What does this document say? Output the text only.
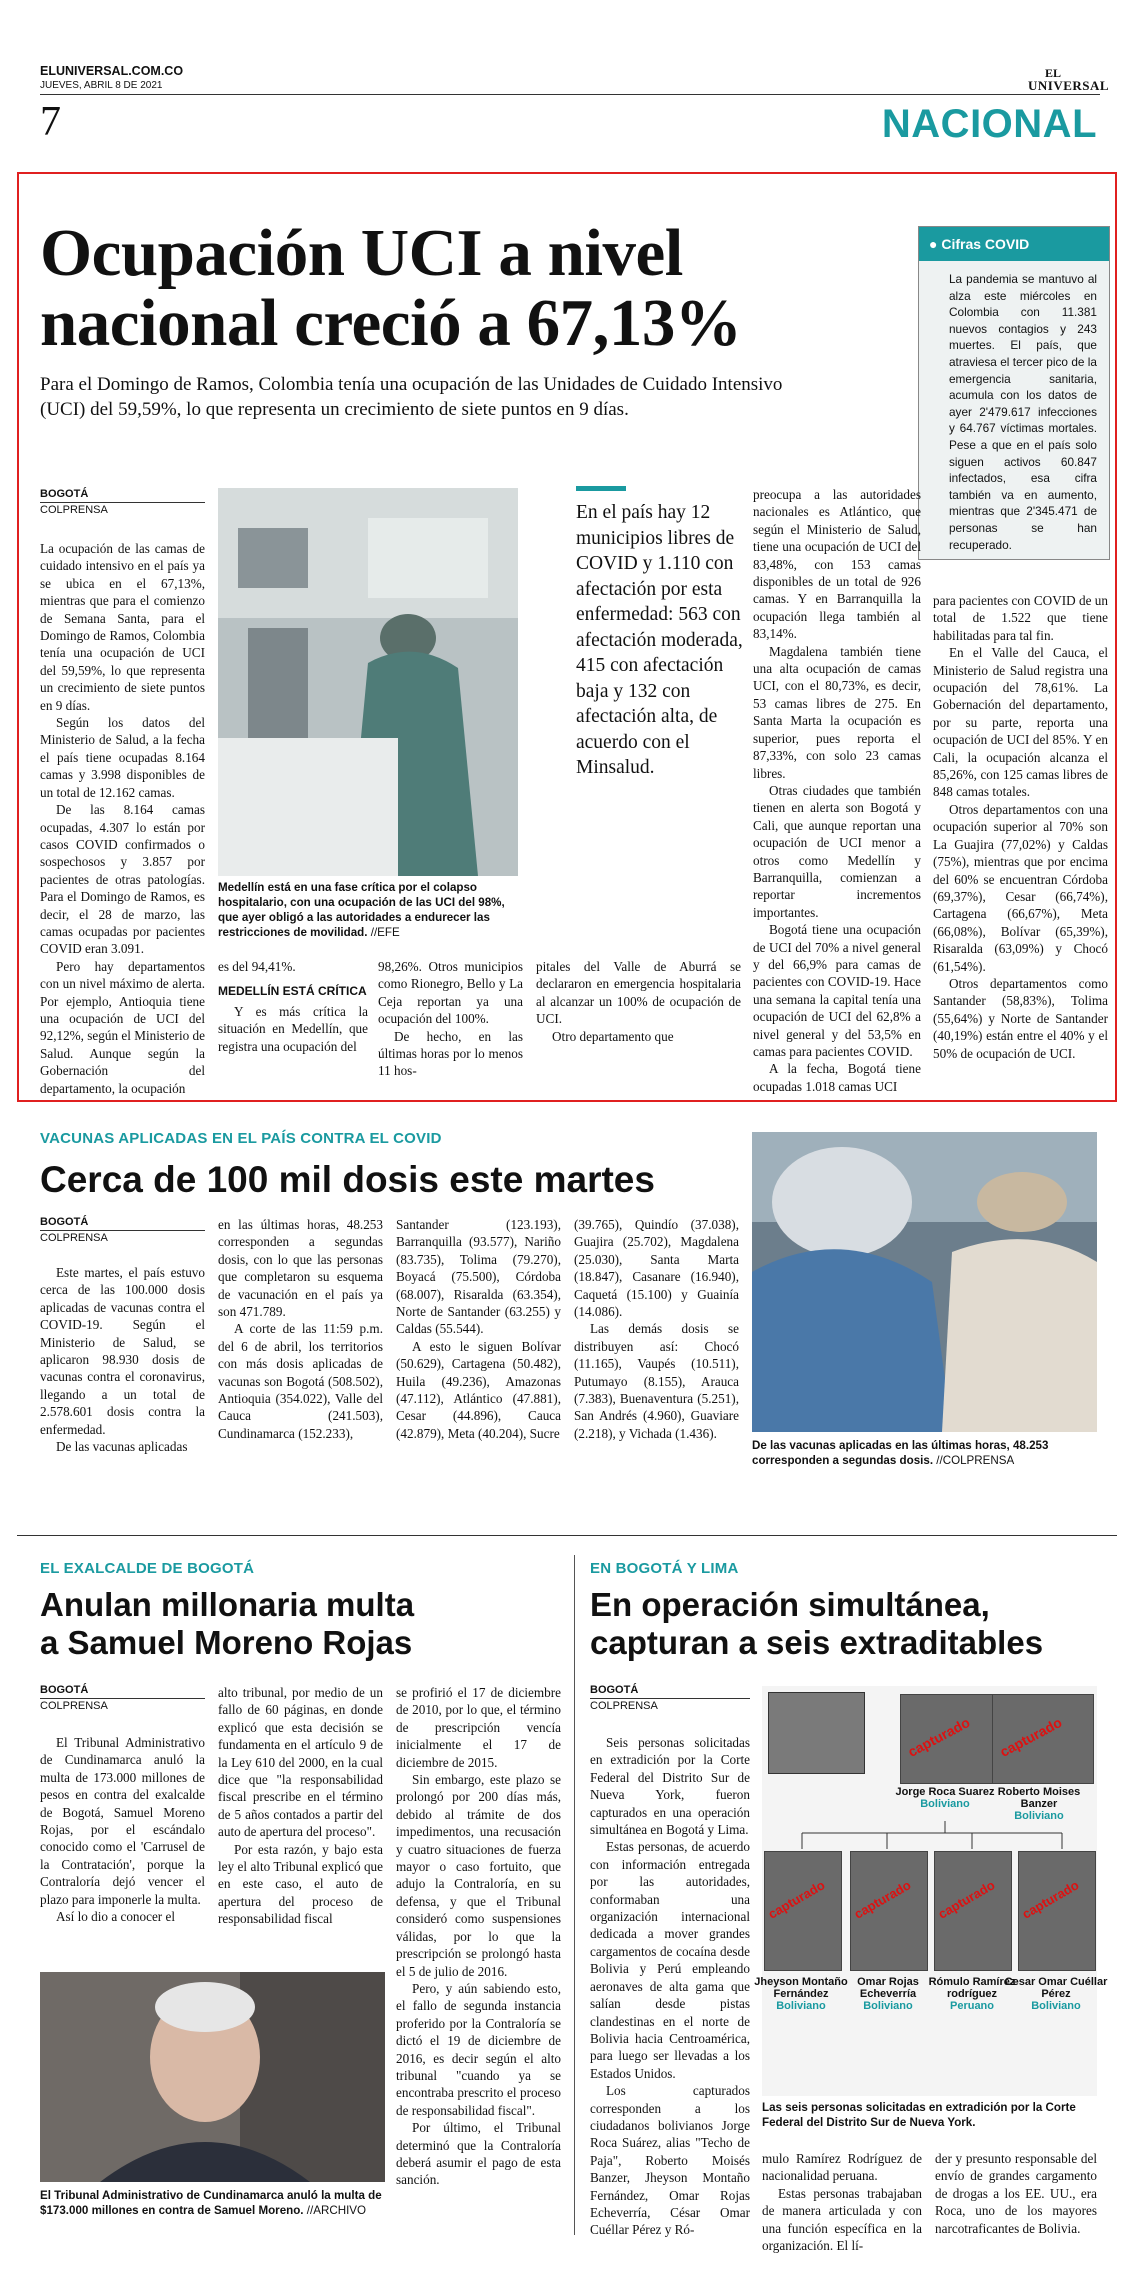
ELUNIVERSAL.COM.CO
JUEVES, ABRIL 8 DE 2021
EL
UNIVERSAL
7	NACIONAL
Ocupación UCI a nivel
nacional creció a 67,13%
Para el Domingo de Ramos, Colombia tenía una ocupación de las Unidades de Cuidado Intensivo (UCI) del 59,59%, lo que representa un crecimiento de siete puntos en 9 días.
● Cifras COVID
La pandemia se mantuvo al alza este miércoles en Colombia con 11.381 nuevos contagios y 243 muertes. El país, que atraviesa el tercer pico de la emergencia sanitaria, acumula con los datos de ayer 2'479.617 infecciones y 64.767 víctimas mortales. Pese a que en el país solo siguen activos 60.847 infectados, esa cifra también va en aumento, mientras que 2'345.471 de personas se han recuperado.
BOGOTÁ
COLPRENSA

La ocupación de las camas de cuidado intensivo en el país ya se ubica en el 67,13%, mientras que para el comienzo de Semana Santa, para el Domingo de Ramos, Colombia tenía una ocupación de UCI del 59,59%, lo que representa un crecimiento de siete puntos en 9 días.

Según los datos del Ministerio de Salud, a la fecha el país tiene ocupadas 8.164 camas y 3.998 disponibles de un total de 12.162 camas.

De las 8.164 camas ocupadas, 4.307 lo están por casos COVID confirmados o sospechosos y 3.857 por pacientes de otras patologías. Para el Domingo de Ramos, es decir, el 28 de marzo, las camas ocupadas por pacientes COVID eran 3.091.

Pero hay departamentos con un nivel máximo de alerta. Por ejemplo, Antioquia tiene una ocupación de UCI del 92,12%, según el Ministerio de Salud. Aunque según la Gobernación del departamento, la ocupación

Medellín está en una fase crítica por el colapso hospitalario, con una ocupación de las UCI del 98%, que ayer obligó a las autoridades a endurecer las restricciones de movilidad. //EFE

es del 94,41%.

MEDELLÍN ESTÁ CRÍTICA

Y es más crítica la situación en Medellín, que registra una ocupación del

98,26%. Otros municipios como Rionegro, Bello y La Ceja reportan ya una ocupación del 100%.

De hecho, en las últimas horas por lo menos 11 hos-

pitales del Valle de Aburrá se declararon en emergencia hospitalaria al alcanzar un 100% de ocupación de UCI.

Otro departamento que

En el país hay 12 municipios libres de COVID y 1.110 con afectación por esta enfermedad: 563 con afectación moderada, 415 con afectación baja y 132 con afectación alta, de acuerdo con el Minsalud.

preocupa a las autoridades nacionales es Atlántico, que según el Ministerio de Salud, tiene una ocupación de UCI del 83,48%, con 153 camas disponibles de un total de 926 camas. Y en Barranquilla la ocupación llega también al 83,14%.

Magdalena también tiene una alta ocupación de camas UCI, con el 80,73%, es decir, 53 camas libres de 275. En Santa Marta la ocupación es superior, pues reporta el 87,33%, con solo 23 camas libres.

Otras ciudades que también tienen en alerta son Bogotá y Cali, que aunque reportan una ocupación de UCI menor a otros como Medellín y Barranquilla, comienzan a reportar incrementos importantes.

Bogotá tiene una ocupación de UCI del 70% a nivel general y del 66,9% para camas de pacientes con COVID-19. Hace una semana la capital tenía una ocupación de UCI del 62,8% a nivel general y del 53,5% en camas para pacientes COVID.

A la fecha, Bogotá tiene ocupadas 1.018 camas UCI

para pacientes con COVID de un total de 1.522 que tiene habilitadas para tal fin.

En el Valle del Cauca, el Ministerio de Salud registra una ocupación del 78,61%. La Gobernación del departamento, por su parte, reporta una ocupación de UCI del 85%. Y en Cali, la ocupación alcanza el 85,26%, con 125 camas libres de 848 camas totales.

Otros departamentos con una ocupación superior al 70% son La Guajira (77,02%) y Caldas (75%), mientras que por encima del 60% se encuentran Córdoba (69,37%), Cesar (66,74%), Cartagena (66,67%), Meta (66,08%), Bolívar (65,39%), Risaralda (63,09%) y Chocó (61,54%).

Otros departamentos como Santander (58,83%), Tolima (55,64%) y Norte de Santander (40,19%) están entre el 40% y el 50% de ocupación de UCI.

VACUNAS APLICADAS EN EL PAÍS CONTRA EL COVID
Cerca de 100 mil dosis este martes
BOGOTÁ
COLPRENSA

Este martes, el país estuvo cerca de las 100.000 dosis aplicadas de vacunas contra el COVID-19. Según el Ministerio de Salud, se aplicaron 98.930 dosis de vacunas contra el coronavirus, llegando a un total de 2.578.601 dosis contra la enfermedad.

De las vacunas aplicadas

en las últimas horas, 48.253 corresponden a segundas dosis, con lo que las personas que completaron su esquema de vacunación en el país ya son 471.789.

A corte de las 11:59 p.m. del 6 de abril, los territorios con más dosis aplicadas de vacunas son Bogotá (508.502), Antioquia (354.022), Valle del Cauca (241.503), Cundinamarca (152.233),

Santander (123.193), Barranquilla (93.577), Nariño (83.735), Tolima (79.270), Boyacá (75.500), Córdoba (68.007), Risaralda (63.354), Norte de Santander (63.255) y Caldas (55.544).

A esto le siguen Bolívar (50.629), Cartagena (50.482), Huila (49.236), Amazonas (47.112), Atlántico (47.881), Cesar (44.896), Cauca (42.879), Meta (40.204), Sucre

(39.765), Quindío (37.038), Guajira (25.702), Magdalena (25.030), Santa Marta (18.847), Casanare (16.940), Caquetá (15.100) y Guainía (14.086).

Las demás dosis se distribuyen así: Chocó (11.165), Vaupés (10.511), Putumayo (8.155), Arauca (7.383), Buenaventura (5.251), San Andrés (4.960), Guaviare (2.218), y Vichada (1.436).

De las vacunas aplicadas en las últimas horas, 48.253 corresponden a segundas dosis. //COLPRENSA
EL EXALCALDE DE BOGOTÁ
Anulan millonaria multa
a Samuel Moreno Rojas
BOGOTÁ
COLPRENSA

El Tribunal Administrativo de Cundinamarca anuló la multa de 173.000 millones de pesos en contra del exalcalde de Bogotá, Samuel Moreno Rojas, por el escándalo conocido como el 'Carrusel de la Contratación', porque la Contraloría dejó vencer el plazo para imponerle la multa.

Así lo dio a conocer el

alto tribunal, por medio de un fallo de 60 páginas, en donde explicó que esta decisión se fundamenta en el artículo 9 de la Ley 610 del 2000, en la cual dice que "la responsabilidad fiscal prescribe en el término de 5 años contados a partir del auto de apertura del proceso".

Por esta razón, y bajo esta ley el alto Tribunal explicó que en este caso, el auto de apertura del proceso de responsabilidad fiscal

se profirió el 17 de diciembre de 2010, por lo que, el término de prescripción vencía inicialmente el 17 de diciembre de 2015.

Sin embargo, este plazo se prolongó por 200 días más, debido al trámite de dos impedimentos, una recusación y cuatro situaciones de fuerza mayor o caso fortuito, que adujo la Contraloría, en su defensa, y que el Tribunal consideró como suspensiones válidas, por lo que la prescripción se prolongó hasta el 5 de julio de 2016.

Pero, y aún sabiendo esto, el fallo de segunda instancia proferido por la Contraloría se dictó el 19 de diciembre de 2016, es decir según el alto tribunal "cuando ya se encontraba prescrito el proceso de responsabilidad fiscal".

Por último, el Tribunal determinó que la Contraloría deberá asumir el pago de esta sanción.

El Tribunal Administrativo de Cundinamarca anuló la multa de $173.000 millones en contra de Samuel Moreno. //ARCHIVO
EN BOGOTÁ Y LIMA
En operación simultánea,
capturan a seis extraditables
BOGOTÁ
COLPRENSA

Seis personas solicitadas en extradición por la Corte Federal del Distrito Sur de Nueva York, fueron capturados en una operación simultánea en Bogotá y Lima.

Estas personas, de acuerdo con información entregada por las autoridades, conformaban una organización internacional dedicada a mover grandes cargamentos de cocaína desde Bolivia y Perú empleando aeronaves de alta gama que salían desde pistas clandestinas en el norte de Bolivia hacia Centroamérica, para luego ser llevadas a los Estados Unidos.

Los capturados corresponden a los ciudadanos bolivianos Jorge Roca Suárez, alias "Techo de Paja", Roberto Moisés Banzer, Jheyson Montaño Fernández, Omar Rojas Echeverría, César Omar Cuéllar Pérez y Ró-

capturado capturado
Jorge Roca Suarez
Boliviano
Roberto Moises Banzer
Boliviano
capturado capturado capturado capturado
Jheyson Montaño Fernández
Boliviano
Omar Rojas Echeverría
Boliviano
Rómulo Ramírez rodríguez
Peruano
Cesar Omar Cuéllar Pérez
Boliviano
Las seis personas solicitadas en extradición por la Corte Federal del Distrito Sur de Nueva York.

mulo Ramírez Rodríguez de nacionalidad peruana.

Estas personas trabajaban de manera articulada y con una función específica en la organización. El lí-

der y presunto responsable del envío de grandes cargamento de drogas a los EE. UU., era Roca, uno de los mayores narcotraficantes de Bolivia.
